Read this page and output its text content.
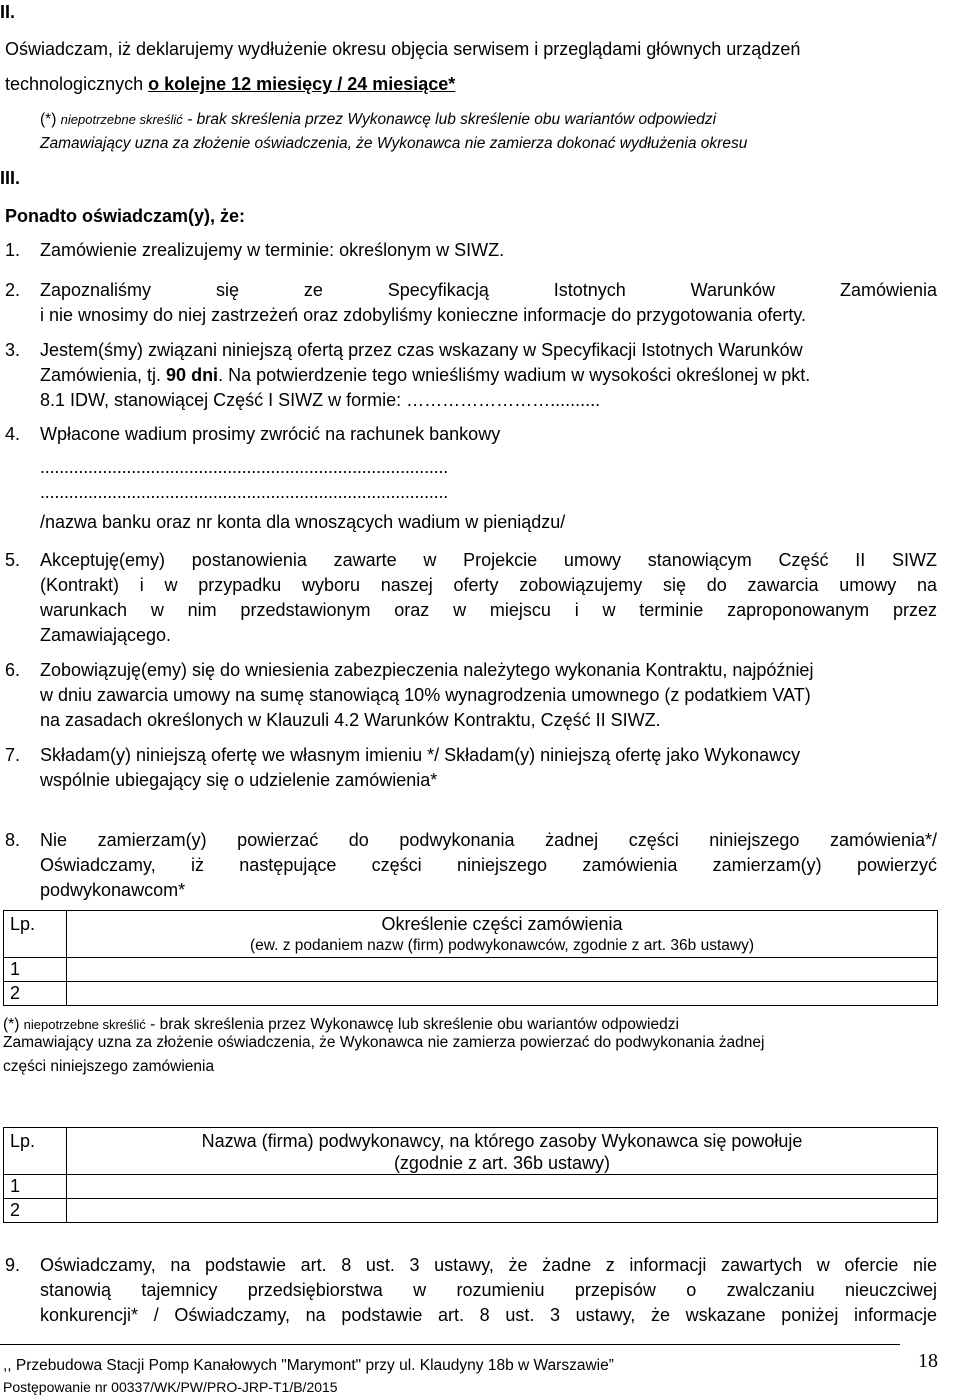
II.
Oświadczam, iż deklarujemy wydłużenie okresu objęcia serwisem i przeglądami głównych urządzeń
technologicznych o kolejne 12 miesięcy / 24 miesiące*
(*) niepotrzebne skreślić - brak skreślenia przez Wykonawcę lub skreślenie obu wariantów odpowiedzi
Zamawiający uzna za złożenie oświadczenia, że Wykonawca nie zamierza dokonać wydłużenia okresu
III.
Ponadto oświadczam(y), że:
1. Zamówienie zrealizujemy w terminie: określonym w SIWZ.
2. Zapoznaliśmy się ze Specyfikacją Istotnych Warunków Zamówienia
i nie wnosimy do niej zastrzeżeń oraz zdobyliśmy konieczne informacje do przygotowania oferty.
3. Jestem(śmy) związani niniejszą ofertą przez czas wskazany w Specyfikacji Istotnych Warunków
Zamówienia, tj. 90 dni. Na potwierdzenie tego wnieśliśmy wadium w wysokości określonej w pkt.
8.1 IDW, stanowiącej Część I SIWZ w formie: ……………………..........
4. Wpłacone wadium prosimy zwrócić na rachunek bankowy
.....................................................................................
.....................................................................................
/nazwa banku oraz nr konta dla wnoszących wadium w pieniądzu/
5. Akceptuję(emy) postanowienia zawarte w Projekcie umowy stanowiącym Część II SIWZ
(Kontrakt) i w przypadku wyboru naszej oferty zobowiązujemy się do zawarcia umowy na
warunkach w nim przedstawionym oraz w miejscu i w terminie zaproponowanym przez
Zamawiającego.
6. Zobowiązuję(emy) się do wniesienia zabezpieczenia należytego wykonania Kontraktu, najpóźniej
w dniu zawarcia umowy na sumę stanowiącą 10% wynagrodzenia umownego (z podatkiem VAT)
na zasadach określonych w Klauzuli 4.2 Warunków Kontraktu, Część II SIWZ.
7. Składam(y) niniejszą ofertę we własnym imieniu */ Składam(y) niniejszą ofertę jako Wykonawcy
wspólnie ubiegający się o udzielenie zamówienia*
8. Nie zamierzam(y) powierzać do podwykonania żadnej części niniejszego zamówienia*/
Oświadczamy, iż następujące części niniejszego zamówienia zamierzam(y) powierzyć
podwykonawcom*
Lp.	Określenie części zamówienia
(ew. z podaniem nazw (firm) podwykonawców, zgodnie z art. 36b ustawy)

1	
2	
(*) niepotrzebne skreślić - brak skreślenia przez Wykonawcę lub skreślenie obu wariantów odpowiedzi
Zamawiający uzna za złożenie oświadczenia, że Wykonawca nie zamierza powierzać do podwykonania żadnej
części niniejszego zamówienia
Lp.	Nazwa (firma) podwykonawcy, na którego zasoby Wykonawca się powołuje
(zgodnie z art. 36b ustawy)

1	
2	
9. Oświadczamy, na podstawie art. 8 ust. 3 ustawy, że żadne z informacji zawartych w ofercie nie
stanowią tajemnicy przedsiębiorstwa w rozumieniu przepisów o zwalczaniu nieuczciwej
konkurencji* / Oświadczamy, na podstawie art. 8 ust. 3 ustawy, że wskazane poniżej informacje
,, Przebudowa Stacji Pomp Kanałowych "Marymont" przy ul. Klaudyny 18b w Warszawie”
Postępowanie nr 00337/WK/PW/PRO-JRP-T1/B/2015
18
